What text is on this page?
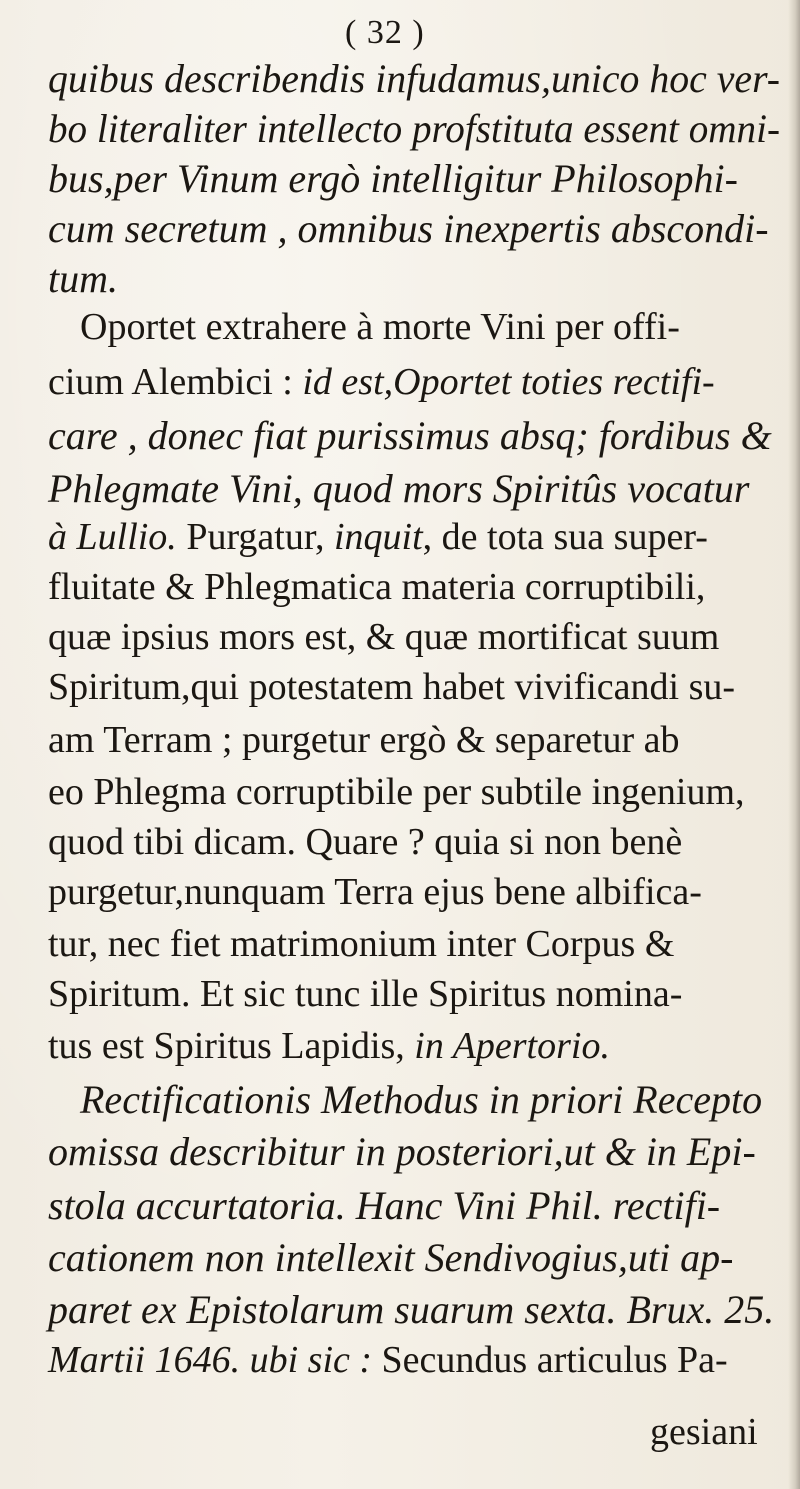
( 32 )
quibus describendis infudamus,unico hoc ver-
bo literaliter intellecto profstituta essent omni-
bus,per Vinum ergò intelligitur Philosophi-
cum secretum , omnibus inexpertis abscondi-
tum.
Oportet extrahere à morte Vini per offi-
cium Alembici : id est,Oportet toties rectifi-
care , donec fiat purissimus absq; fordibus &
Phlegmate Vini, quod mors Spiritûs vocatur
à Lullio. Purgatur, inquit, de tota sua super-
fluitate & Phlegmatica materia corruptibili,
quæ ipsius mors est, & quæ mortificat suum
Spiritum,qui potestatem habet vivificandi su-
am Terram ; purgetur ergò & separetur ab
eo Phlegma corruptibile per subtile ingenium,
quod tibi dicam. Quare ? quia si non benè
purgetur,nunquam Terra ejus bene albifica-
tur, nec fiet matrimonium inter Corpus &
Spiritum. Et sic tunc ille Spiritus nomina-
tus est Spiritus Lapidis, in Apertorio.
Rectificationis Methodus in priori Recepto
omissa describitur in posteriori,ut & in Epi-
stola accurtatoria. Hanc Vini Phil. rectifi-
cationem non intellexit Sendivogius,uti ap-
paret ex Epistolarum suarum sexta. Brux. 25.
Martii 1646. ubi sic : Secundus articulus Pa-
gesiani
